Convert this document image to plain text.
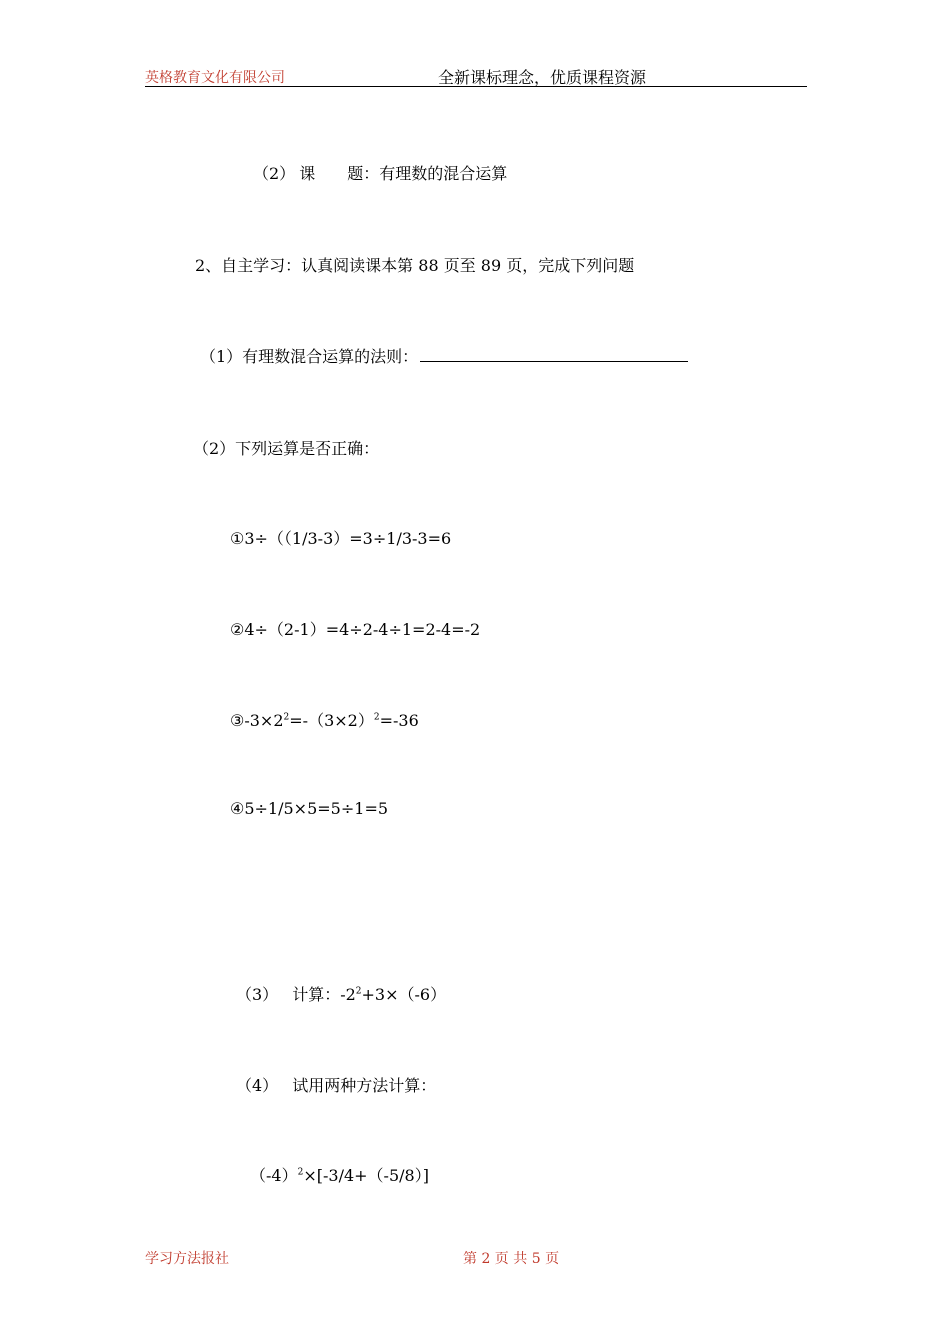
英格教育文化有限公司	全新课标理念，优质课程资源
（2） 课　　题：有理数的混合运算
2、自主学习：认真阅读课本第 88 页至 89 页，完成下列问题
（1）有理数混合运算的法则：
（2）下列运算是否正确：
①3÷（（1/3-3）=3÷1/3-3=6
②4÷（2-1）=4÷2-4÷1=2-4=-2
$③-3\times 2^2=-(3\times 2)^2=-36$
④5÷1/5×5=5÷1=5
（3） 计算：$-2^2+3\times(-6)$
（4） 试用两种方法计算：
$(-4)^2\times[-3/4+(-5/8)]$
学习方法报社	第 2 页 共 5 页
